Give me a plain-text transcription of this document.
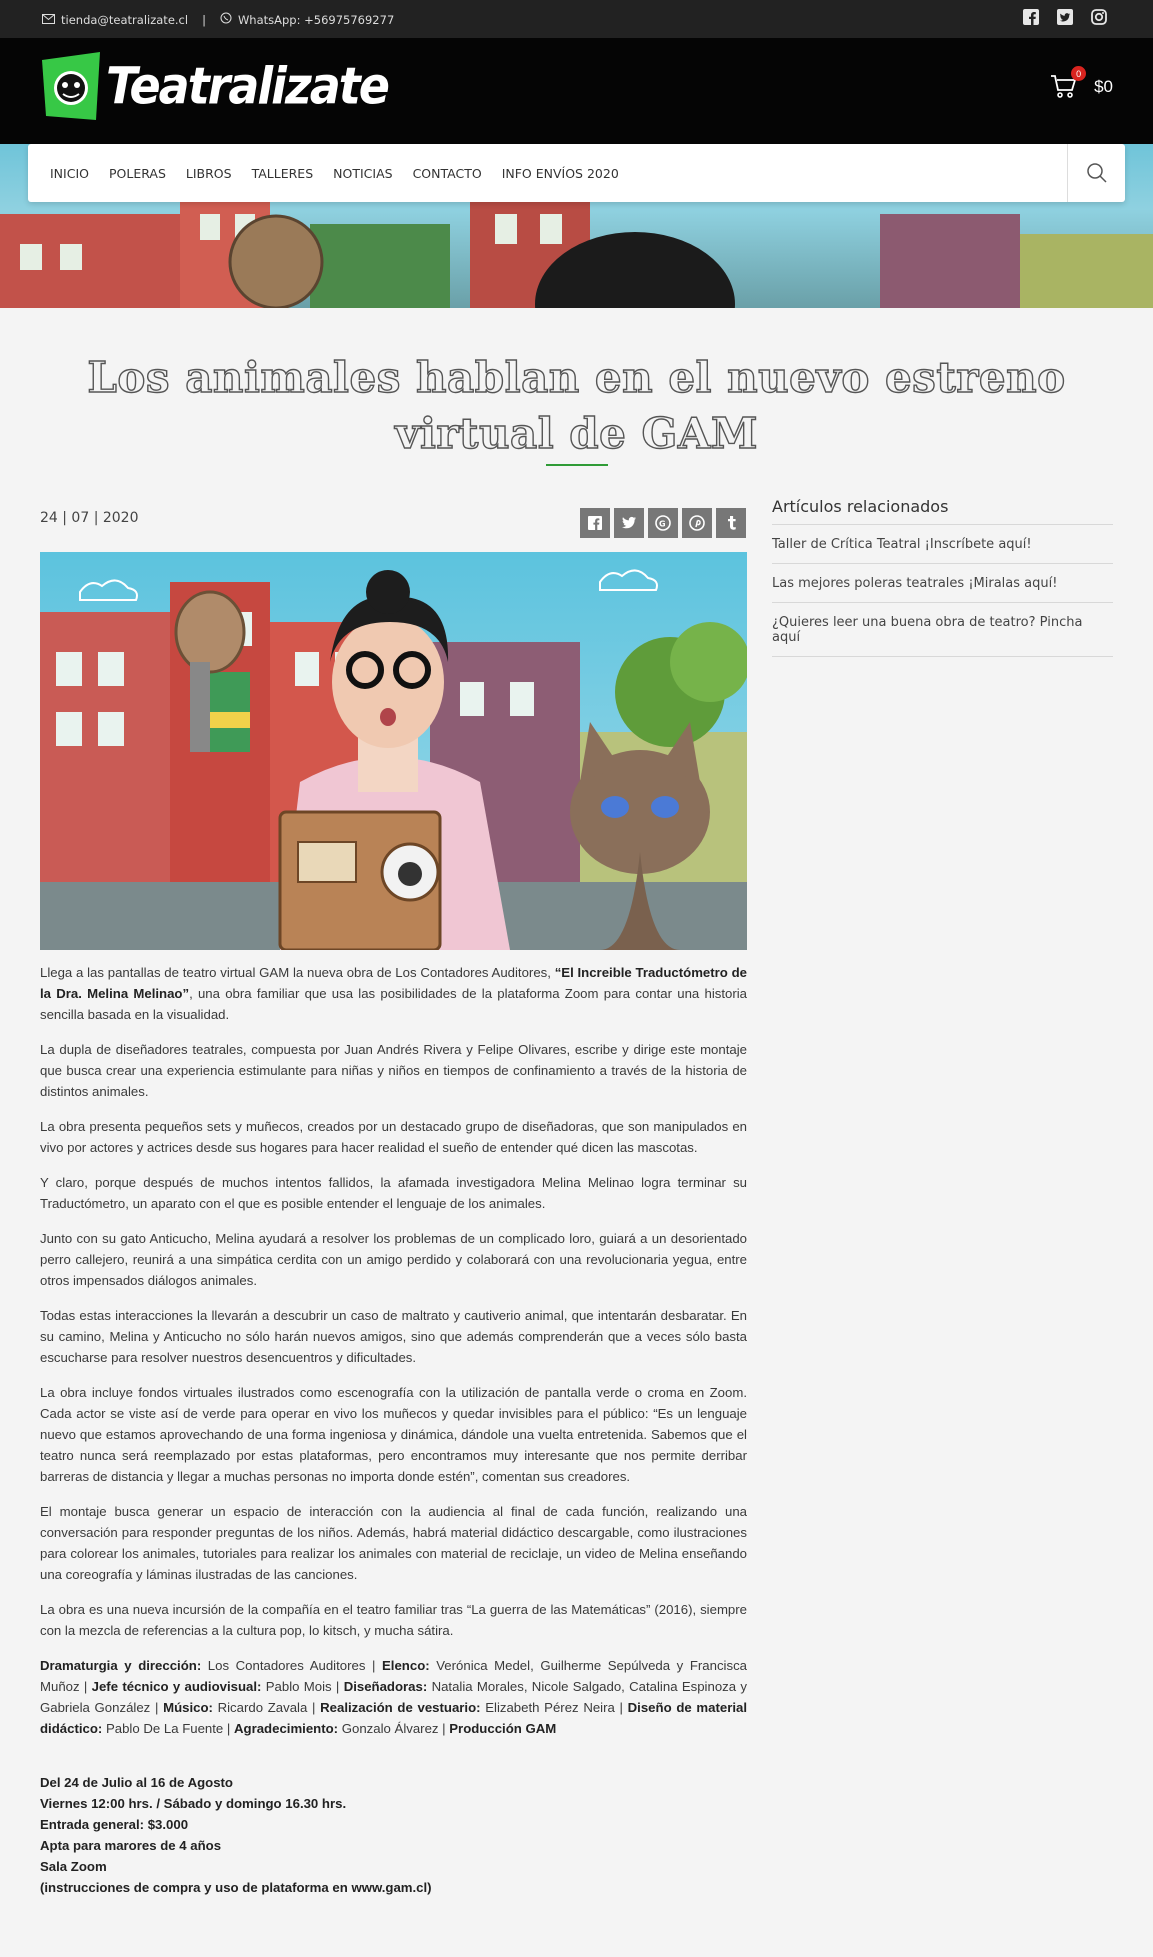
tienda@teatralizate.cl |	WhatsApp: +56975769277
Teatralizate	0
$0
INICIO	POLERAS	LIBROS	TALLERES	NOTICIAS	CONTACTO	INFO ENVÍOS 2020
Los animales hablan en el nuevo estreno virtual de GAM
24 | 07 | 2020	G

Llega a las pantallas de teatro virtual GAM la nueva obra de Los Contadores Auditores, “El Increible Traductómetro de la Dra. Melina Melinao”, una obra familiar que usa las posibilidades de la plataforma Zoom para contar una historia sencilla basada en la visualidad.

La dupla de diseñadores teatrales, compuesta por Juan Andrés Rivera y Felipe Olivares, escribe y dirige este montaje que busca crear una experiencia estimulante para niñas y niños en tiempos de confinamiento a través de la historia de distintos animales.

La obra presenta pequeños sets y muñecos, creados por un destacado grupo de diseñadoras, que son manipulados en vivo por actores y actrices desde sus hogares para hacer realidad el sueño de entender qué dicen las mascotas.

Y claro, porque después de muchos intentos fallidos, la afamada investigadora Melina Melinao logra terminar su Traductómetro, un aparato con el que es posible entender el lenguaje de los animales.

Junto con su gato Anticucho, Melina ayudará a resolver los problemas de un complicado loro, guiará a un desorientado perro callejero, reunirá a una simpática cerdita con un amigo perdido y colaborará con una revolucionaria yegua, entre otros impensados diálogos animales.

Todas estas interacciones la llevarán a descubrir un caso de maltrato y cautiverio animal, que intentarán desbaratar. En su camino, Melina y Anticucho no sólo harán nuevos amigos, sino que además comprenderán que a veces sólo basta escucharse para resolver nuestros desencuentros y dificultades.

La obra incluye fondos virtuales ilustrados como escenografía con la utilización de pantalla verde o croma en Zoom. Cada actor se viste así de verde para operar en vivo los muñecos y quedar invisibles para el público: “Es un lenguaje nuevo que estamos aprovechando de una forma ingeniosa y dinámica, dándole una vuelta entretenida. Sabemos que el teatro nunca será reemplazado por estas plataformas, pero encontramos muy interesante que nos permite derribar barreras de distancia y llegar a muchas personas no importa donde estén”, comentan sus creadores.

El montaje busca generar un espacio de interacción con la audiencia al final de cada función, realizando una conversación para responder preguntas de los niños. Además, habrá material didáctico descargable, como ilustraciones para colorear los animales, tutoriales para realizar los animales con material de reciclaje, un video de Melina enseñando una coreografía y láminas ilustradas de las canciones.

La obra es una nueva incursión de la compañía en el teatro familiar tras “La guerra de las Matemáticas” (2016), siempre con la mezcla de referencias a la cultura pop, lo kitsch, y mucha sátira.

Dramaturgia y dirección: Los Contadores Auditores | Elenco: Verónica Medel, Guilherme Sepúlveda y Francisca Muñoz | Jefe técnico y audiovisual: Pablo Mois | Diseñadoras: Natalia Morales, Nicole Salgado, Catalina Espinoza y Gabriela González | Músico: Ricardo Zavala | Realización de vestuario: Elizabeth Pérez Neira | Diseño de material didáctico: Pablo De La Fuente | Agradecimiento: Gonzalo Álvarez | Producción GAM

Del 24 de Julio al 16 de Agosto
Viernes 12:00 hrs. / Sábado y domingo 16.30 hrs.
Entrada general: $3.000
Apta para marores de 4 años
Sala Zoom
(instrucciones de compra y uso de plataforma en www.gam.cl)
Artículos relacionados
Taller de Crítica Teatral ¡Inscríbete aquí!
Las mejores poleras teatrales ¡Miralas aquí!
¿Quieres leer una buena obra de teatro? Pincha aquí
